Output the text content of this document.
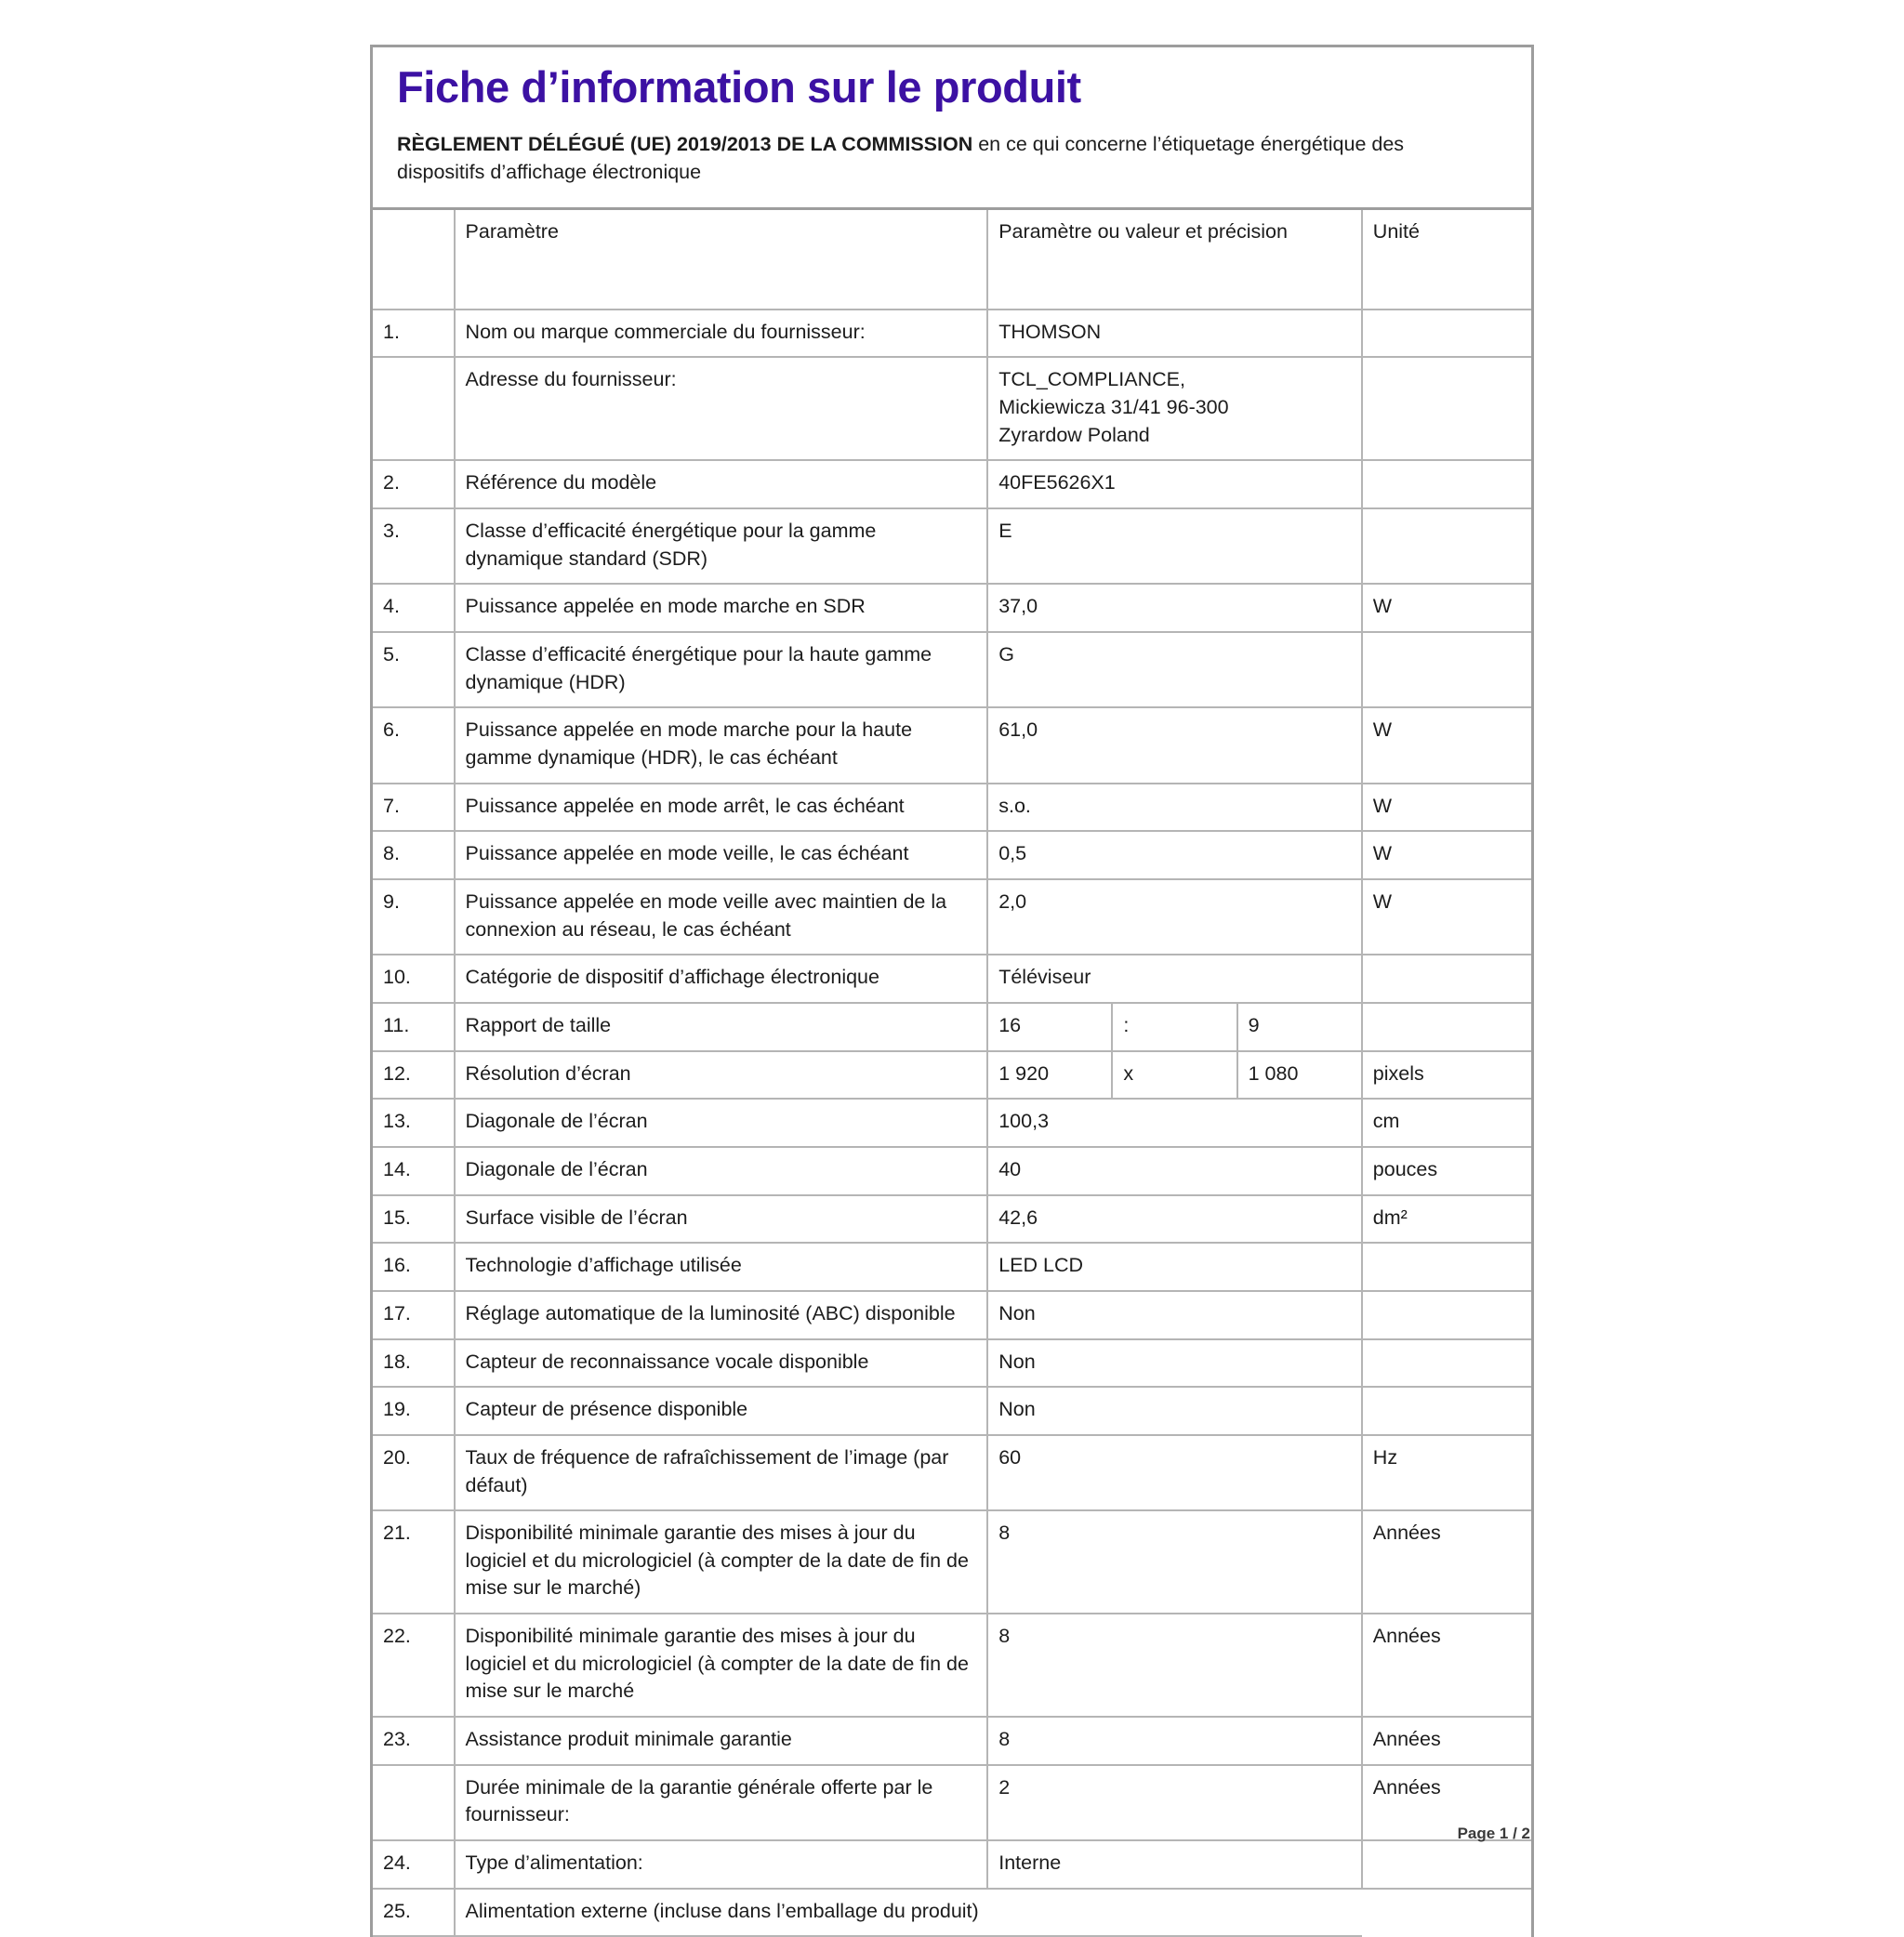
Fiche d’information sur le produit

RÈGLEMENT DÉLÉGUÉ (UE) 2019/2013 DE LA COMMISSION en ce qui concerne l’étiquetage énergétique des dispositifs d’affichage électronique

	Paramètre	Paramètre ou valeur et précision			Unité
1.	Nom ou marque commerciale du fournisseur:	THOMSON			
	Adresse du fournisseur:	TCL_COMPLIANCE,
Mickiewicza 31/41 96-300
Zyrardow Poland			
2.	Référence du modèle	40FE5626X1			
3.	Classe d’efficacité énergétique pour la gamme dynamique standard (SDR)	E			
4.	Puissance appelée en mode marche en SDR	37,0			W
5.	Classe d’efficacité énergétique pour la haute gamme dynamique (HDR)	G			
6.	Puissance appelée en mode marche pour la haute gamme dynamique (HDR), le cas échéant	61,0			W
7.	Puissance appelée en mode arrêt, le cas échéant	s.o.			W
8.	Puissance appelée en mode veille, le cas échéant	0,5			W
9.	Puissance appelée en mode veille avec maintien de la connexion au réseau, le cas échéant	2,0			W
10.	Catégorie de dispositif d’affichage électronique	Téléviseur			
11.	Rapport de taille	16	:	9	
12.	Résolution d’écran	1 920	x	1 080	pixels
13.	Diagonale de l’écran	100,3			cm
14.	Diagonale de l’écran	40			pouces
15.	Surface visible de l’écran	42,6			dm²
16.	Technologie d’affichage utilisée	LED LCD			
17.	Réglage automatique de la luminosité (ABC) disponible	Non			
18.	Capteur de reconnaissance vocale disponible	Non			
19.	Capteur de présence disponible	Non			
20.	Taux de fréquence de rafraîchissement de l’image (par défaut)	60			Hz
21.	Disponibilité minimale garantie des mises à jour du logiciel et du micrologiciel (à compter de la date de fin de mise sur le marché)	8			Années
22.	Disponibilité minimale garantie des mises à jour du logiciel et du micrologiciel (à compter de la date de fin de mise sur le marché	8			Années
23.	Assistance produit minimale garantie	8			Années
	Durée minimale de la garantie générale offerte par le fournisseur:	2			Années
24.	Type d’alimentation:	Interne			
25.	Alimentation externe (incluse dans l’emballage du produit)				
Page 1 / 2
